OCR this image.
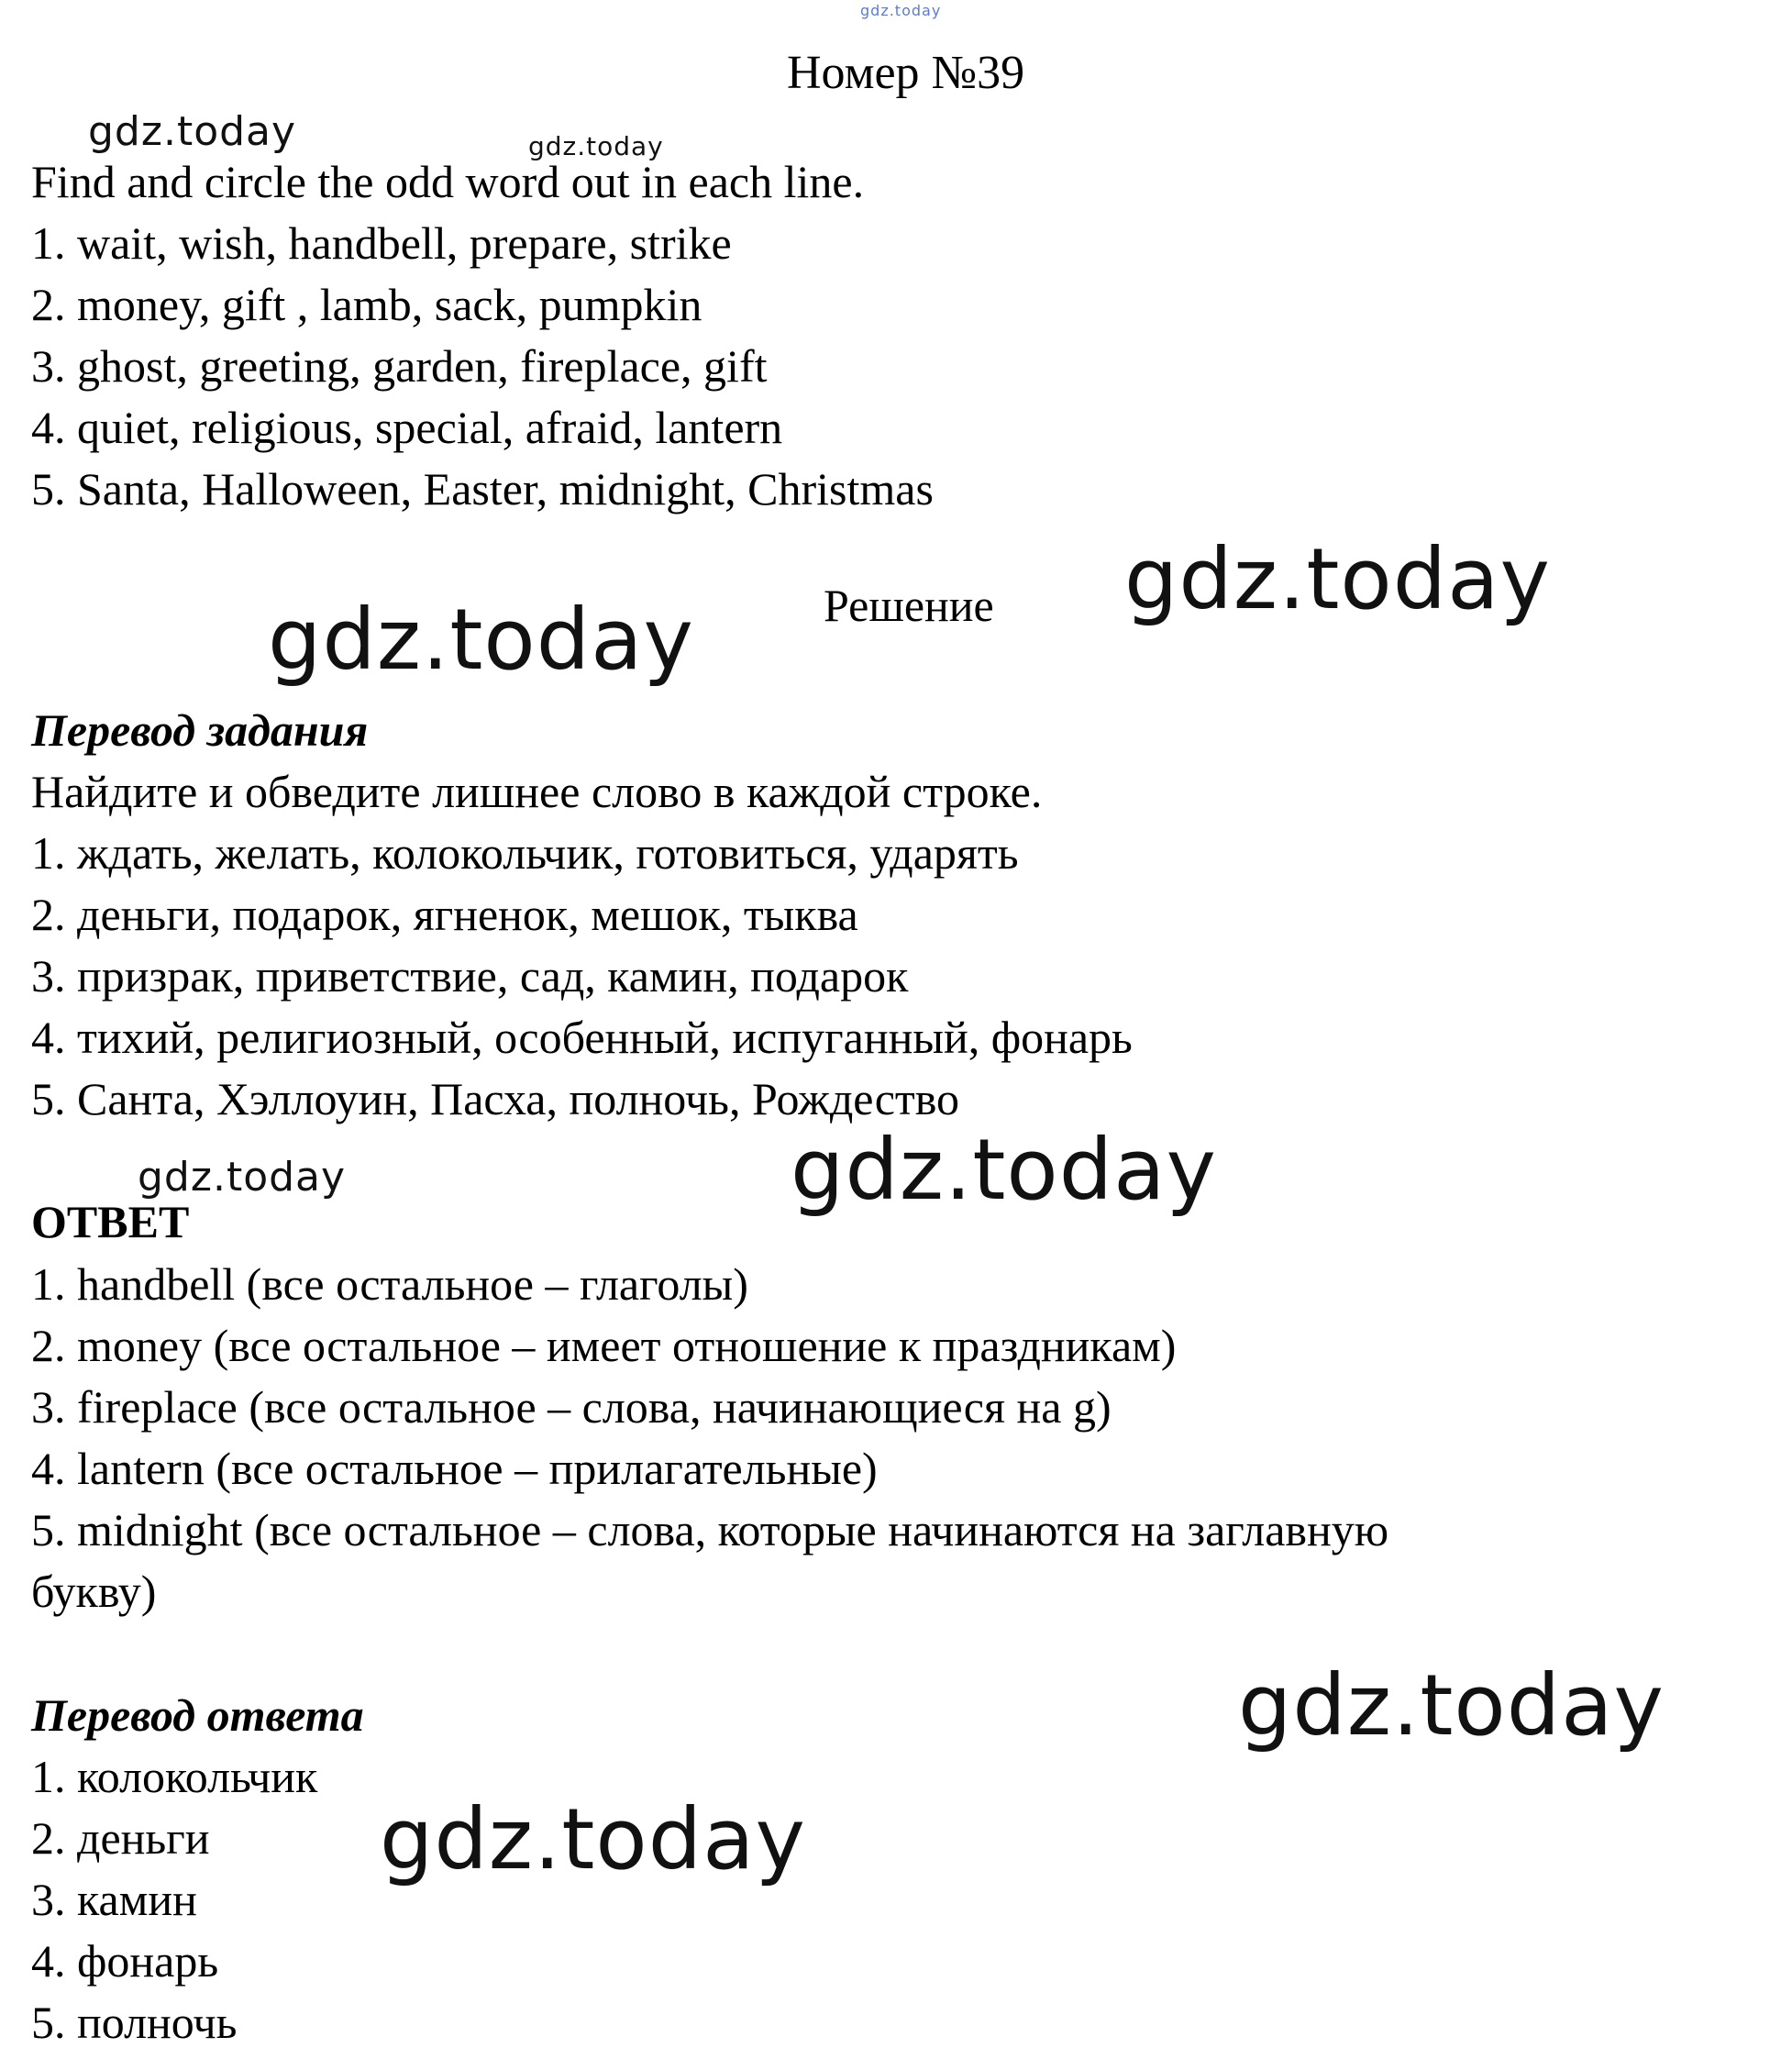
gdz.today
gdz.today	gdz.today
gdz.today
gdz.today
gdz.today	gdz.today
gdz.today
gdz.today
Номер №39
Find and circle the odd word out in each line.
1. wait, wish, handbell, prepare, strike
2. money, gift , lamb, sack, pumpkin
3. ghost, greeting, garden, fireplace, gift
4. quiet, religious, special, afraid, lantern
5. Santa, Halloween, Easter, midnight, Christmas
Решение
Перевод задания
Найдите и обведите лишнее слово в каждой строке.
1. ждать, желать, колокольчик, готовиться, ударять
2. деньги, подарок, ягненок, мешок, тыква
3. призрак, приветствие, сад, камин, подарок
4. тихий, религиозный, особенный, испуганный, фонарь
5. Санта, Хэллоуин, Пасха, полночь, Рождество
ОТВЕТ
1. handbell (все остальное – глаголы)
2. money (все остальное – имеет отношение к праздникам)
3. fireplace (все остальное – слова, начинающиеся на g)
4. lantern (все остальное – прилагательные)
5. midnight (все остальное – слова, которые начинаются на заглавную
букву)
Перевод ответа
1. колокольчик
2. деньги
3. камин
4. фонарь
5. полночь
